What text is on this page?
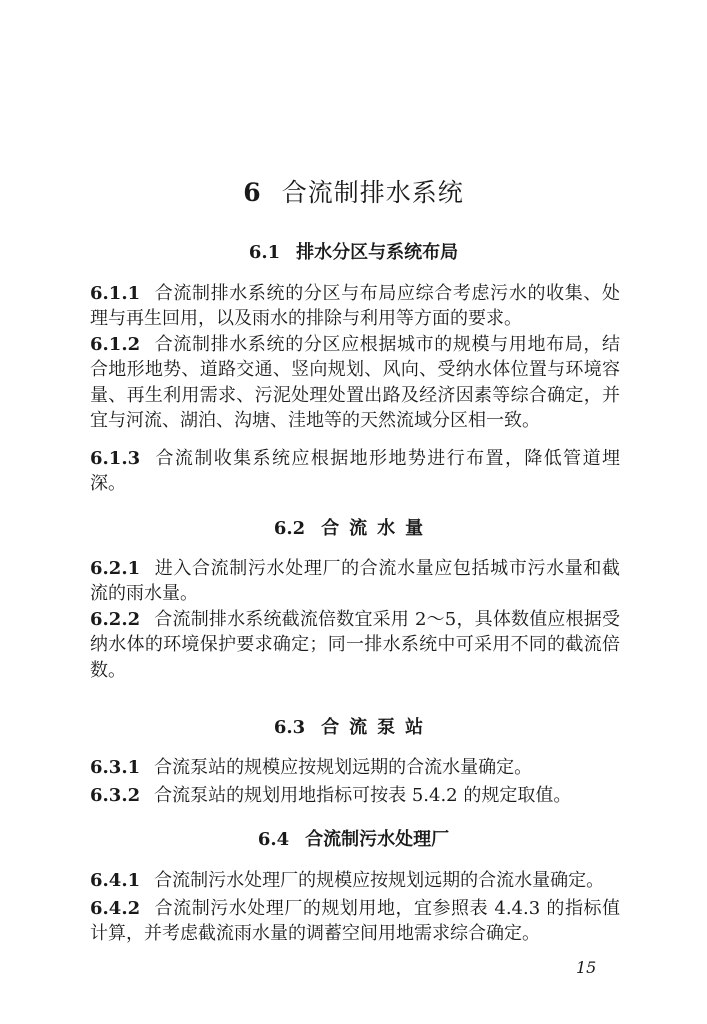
6 合流制排水系统
6.1 排水分区与系统布局
6.1.1 合流制排水系统的分区与布局应综合考虑污水的收集、处理与再生回用，以及雨水的排除与利用等方面的要求。
6.1.2 合流制排水系统的分区应根据城市的规模与用地布局，结合地形地势、道路交通、竖向规划、风向、受纳水体位置与环境容量、再生利用需求、污泥处理处置出路及经济因素等综合确定，并宜与河流、湖泊、沟塘、洼地等的天然流域分区相一致。
6.1.3 合流制收集系统应根据地形地势进行布置，降低管道埋深。
6.2 合流水量
6.2.1 进入合流制污水处理厂的合流水量应包括城市污水量和截流的雨水量。
6.2.2 合流制排水系统截流倍数宜采用 2～5，具体数值应根据受纳水体的环境保护要求确定；同一排水系统中可采用不同的截流倍数。
6.3 合流泵站
6.3.1 合流泵站的规模应按规划远期的合流水量确定。
6.3.2 合流泵站的规划用地指标可按表 5.4.2 的规定取值。
6.4 合流制污水处理厂
6.4.1 合流制污水处理厂的规模应按规划远期的合流水量确定。
6.4.2 合流制污水处理厂的规划用地，宜参照表 4.4.3 的指标值计算，并考虑截流雨水量的调蓄空间用地需求综合确定。
15
